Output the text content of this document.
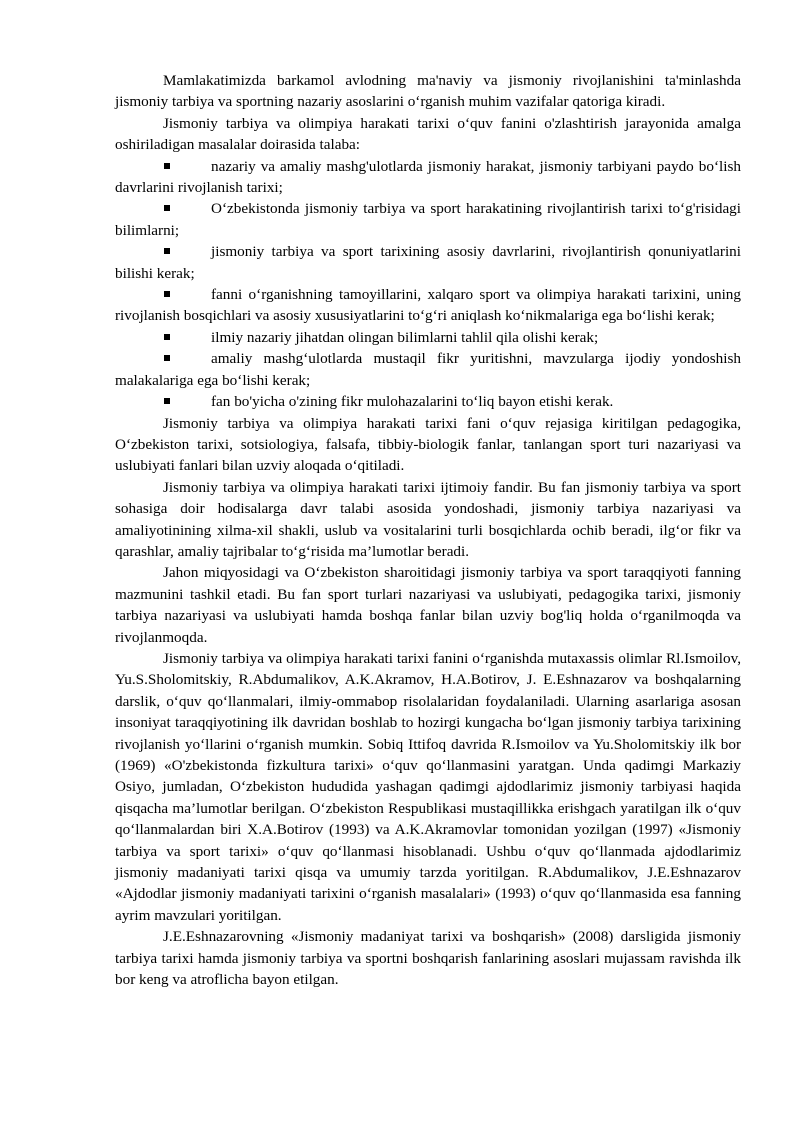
Mamlakatimizda barkamol avlodning ma'naviy va jismoniy rivojlanishini ta'minlashda jismoniy tarbiya va sportning nazariy asoslarini o‘rganish muhim vazifalar qatoriga kiradi.

Jismoniy tarbiya va olimpiya harakati tarixi o‘quv fanini o'zlashtirish jarayonida amalga oshiriladigan masalalar doirasida talaba:

nazariy va amaliy mashg'ulotlarda jismoniy harakat, jismoniy tarbiyani paydo bo‘lish davrlarini rivojlanish tarixi;

O‘zbekistonda jismoniy tarbiya va sport harakatining rivojlantirish tarixi to‘g'risidagi bilimlarni;

jismoniy tarbiya va sport tarixining asosiy davrlarini, rivojlantirish qonuniyatlarini bilishi kerak;

fanni o‘rganishning tamoyillarini, xalqaro sport va olimpiya harakati tarixini, uning rivojlanish bosqichlari va asosiy xususiyatlarini to‘g‘ri aniqlash ko‘nikmalariga ega bo‘lishi kerak;

ilmiy nazariy jihatdan olingan bilimlarni tahlil qila olishi kerak;

amaliy mashg‘ulotlarda mustaqil fikr yuritishni, mavzularga ijodiy yondoshish malakalariga ega bo‘lishi kerak;

fan bo'yicha o'zining fikr mulohazalarini to‘liq bayon etishi kerak.

Jismoniy tarbiya va olimpiya harakati tarixi fani o‘quv rejasiga kiritilgan pedagogika, O‘zbekiston tarixi, sotsiologiya, falsafa, tibbiy-biologik fanlar, tanlangan sport turi nazariyasi va uslubiyati fanlari bilan uzviy aloqada o‘qitiladi.

Jismoniy tarbiya va olimpiya harakati tarixi ijtimoiy fandir. Bu fan jismoniy tarbiya va sport sohasiga doir hodisalarga davr talabi asosida yondoshadi, jismoniy tarbiya nazariyasi va amaliyotinining xilma-xil shakli, uslub va vositalarini turli bosqichlarda ochib beradi, ilg‘or fikr va qarashlar, amaliy tajribalar to‘g‘risida ma’lumotlar beradi.

Jahon miqyosidagi va O‘zbekiston sharoitidagi jismoniy tarbiya va sport taraqqiyoti fanning mazmunini tashkil etadi. Bu fan sport turlari nazariyasi va uslubiyati, pedagogika tarixi, jismoniy tarbiya nazariyasi va uslubiyati hamda boshqa fanlar bilan uzviy bog'liq holda o‘rganilmoqda va rivojlanmoqda.

Jismoniy tarbiya va olimpiya harakati tarixi fanini o‘rganishda mutaxassis olimlar Rl.Ismoilov, Yu.S.Sholomitskiy, R.Abdumalikov, A.K.Akramov, H.A.Botirov, J. E.Eshnazarov va boshqalarning darslik, o‘quv qo‘llanmalari, ilmiy-ommabop risolalaridan foydalaniladi. Ularning asarlariga asosan insoniyat taraqqiyotining ilk davridan boshlab to hozirgi kungacha bo‘lgan jismoniy tarbiya tarixining rivojlanish yo‘llarini o‘rganish mumkin. Sobiq Ittifoq davrida R.Ismoilov va Yu.Sholomitskiy ilk bor (1969) «O'zbekistonda fizkultura tarixi» o‘quv qo‘llanmasini yaratgan. Unda qadimgi Markaziy Osiyo, jumladan, O‘zbekiston hududida yashagan qadimgi ajdodlarimiz jismoniy tarbiyasi haqida qisqacha ma’lumotlar berilgan. O‘zbekiston Respublikasi mustaqillikka erishgach yaratilgan ilk o‘quv qo‘llanmalardan biri X.A.Botirov (1993) va A.K.Akramovlar tomonidan yozilgan (1997) «Jismoniy tarbiya va sport tarixi» o‘quv qo‘llanmasi hisoblanadi. Ushbu o‘quv qo‘llanmada ajdodlarimiz jismoniy madaniyati tarixi qisqa va umumiy tarzda yoritilgan. R.Abdumalikov, J.E.Eshnazarov «Ajdodlar jismoniy madaniyati tarixini o‘rganish masalalari» (1993) o‘quv qo‘llanmasida esa fanning ayrim mavzulari yoritilgan.

J.E.Eshnazarovning «Jismoniy madaniyat tarixi va boshqarish» (2008) darsligida jismoniy tarbiya tarixi hamda jismoniy tarbiya va sportni boshqarish fanlarining asoslari mujassam ravishda ilk bor keng va atroflicha bayon etilgan.
